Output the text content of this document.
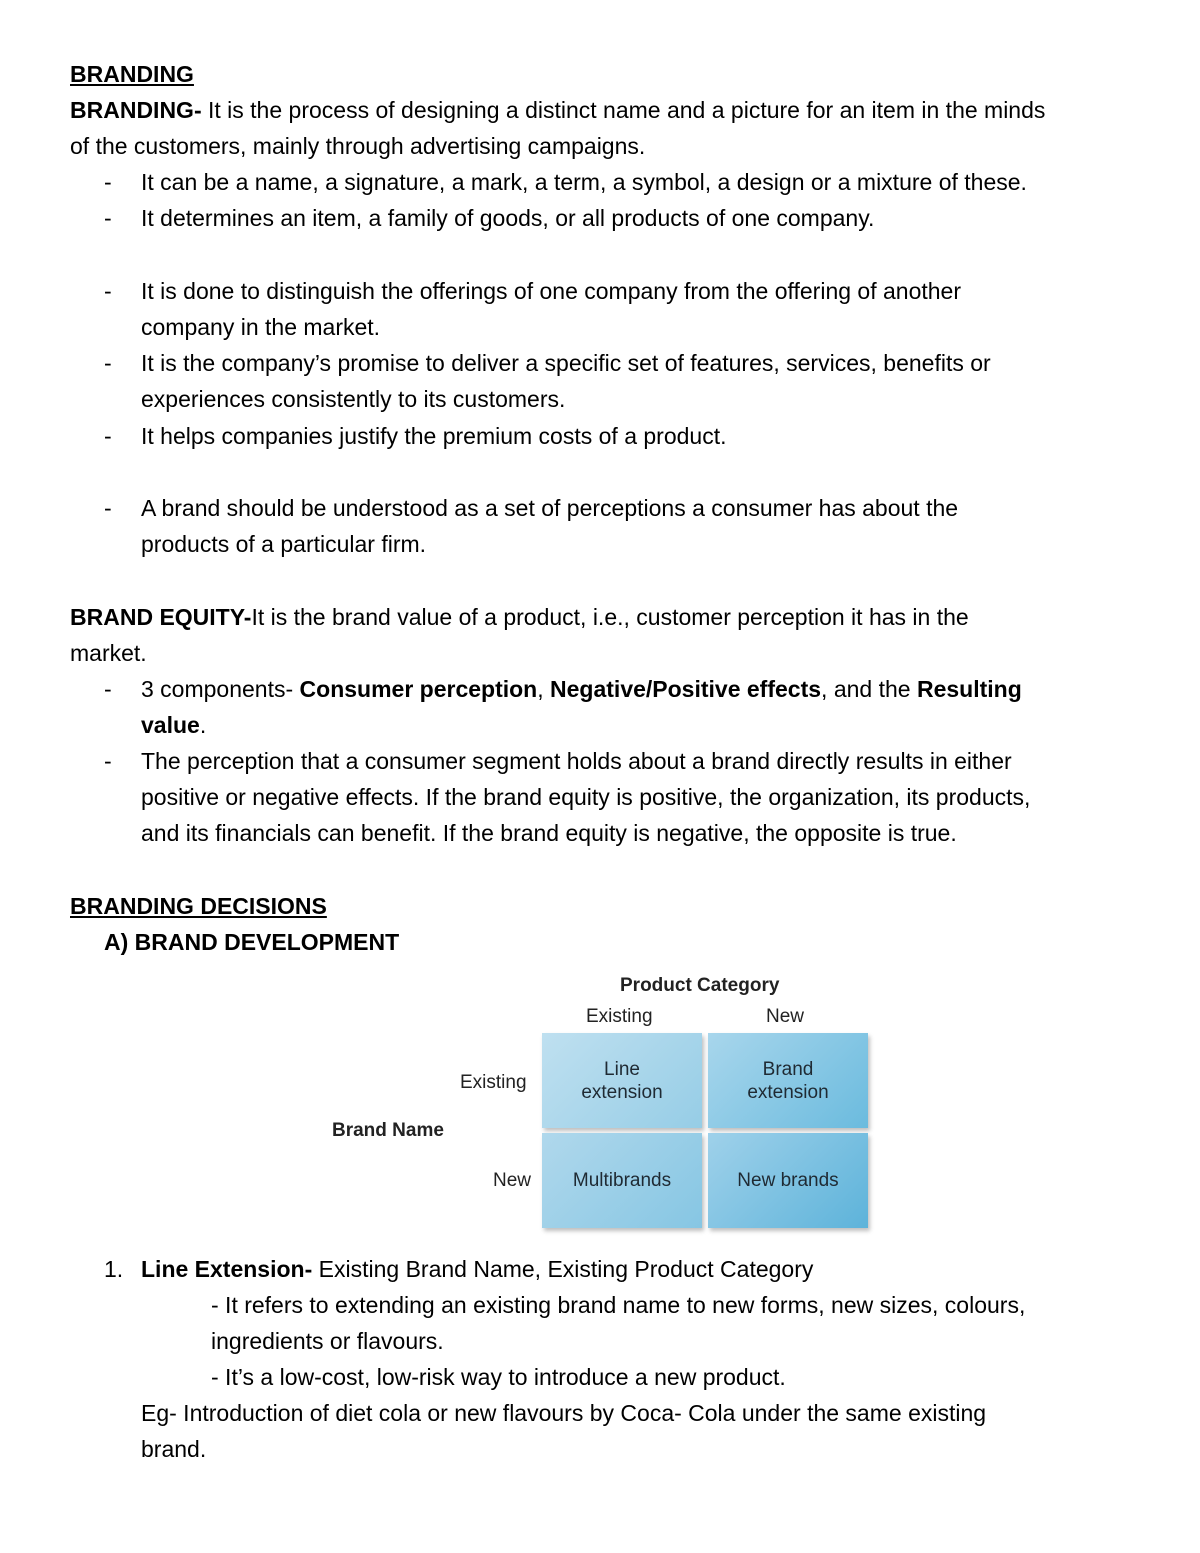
BRANDING
BRANDING- It is the process of designing a distinct name and a picture for an item in the minds
of the customers, mainly through advertising campaigns.
- It can be a name, a signature, a mark, a term, a symbol, a design or a mixture of these.
- It determines an item, a family of goods, or all products of one company.
- It is done to distinguish the offerings of one company from the offering of another
company in the market.
- It is the company’s promise to deliver a specific set of features, services, benefits or
experiences consistently to its customers.
- It helps companies justify the premium costs of a product.
- A brand should be understood as a set of perceptions a consumer has about the
products of a particular firm.
BRAND EQUITY-It is the brand value of a product, i.e., customer perception it has in the
market.
- 3 components- Consumer perception, Negative/Positive effects, and the Resulting
value.
- The perception that a consumer segment holds about a brand directly results in either
positive or negative effects. If the brand equity is positive, the organization, its products,
and its financials can benefit. If the brand equity is negative, the opposite is true.
BRANDING DECISIONS
A) BRAND DEVELOPMENT
Product Category
Existing	New
Existing
Brand Name
New
Line
extension
Brand
extension
Multibrands	New brands
1. Line Extension- Existing Brand Name, Existing Product Category
- It refers to extending an existing brand name to new forms, new sizes, colours,
ingredients or flavours.
- It’s a low-cost, low-risk way to introduce a new product.
Eg- Introduction of diet cola or new flavours by Coca- Cola under the same existing
brand.
